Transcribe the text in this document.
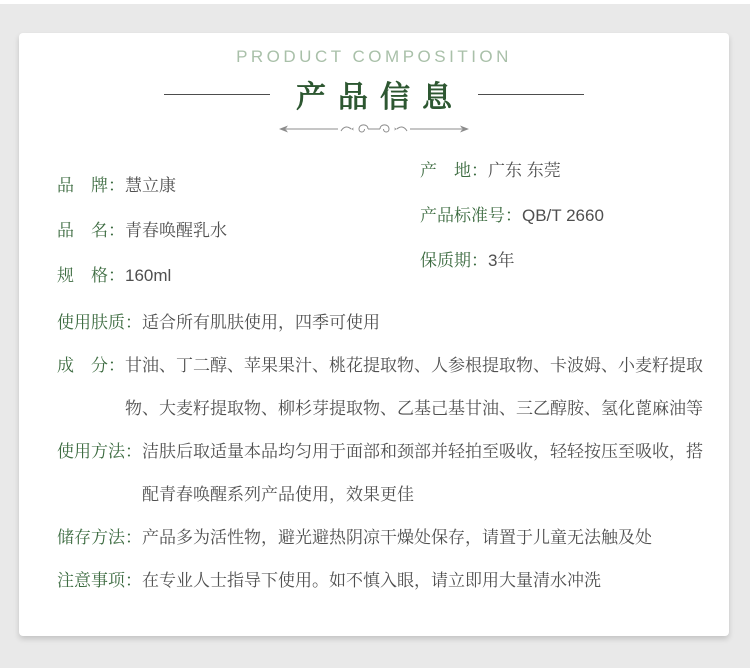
PRODUCT COMPOSITION
产品信息
品　牌：慧立康
品　名：青春唤醒乳水
规　格：160ml
产　地：广东 东莞
产品标准号：QB/T 2660
保质期：3年
使用肤质： 适合所有肌肤使用，四季可使用
成　分： 甘油、丁二醇、苹果果汁、桃花提取物、人参根提取物、卡波姆、小麦籽提取物、大麦籽提取物、柳杉芽提取物、乙基己基甘油、三乙醇胺、氢化蓖麻油等
使用方法： 洁肤后取适量本品均匀用于面部和颈部并轻拍至吸收，轻轻按压至吸收，搭配青春唤醒系列产品使用，效果更佳
储存方法： 产品多为活性物，避光避热阴凉干燥处保存，请置于儿童无法触及处
注意事项： 在专业人士指导下使用。如不慎入眼，请立即用大量清水冲洗
